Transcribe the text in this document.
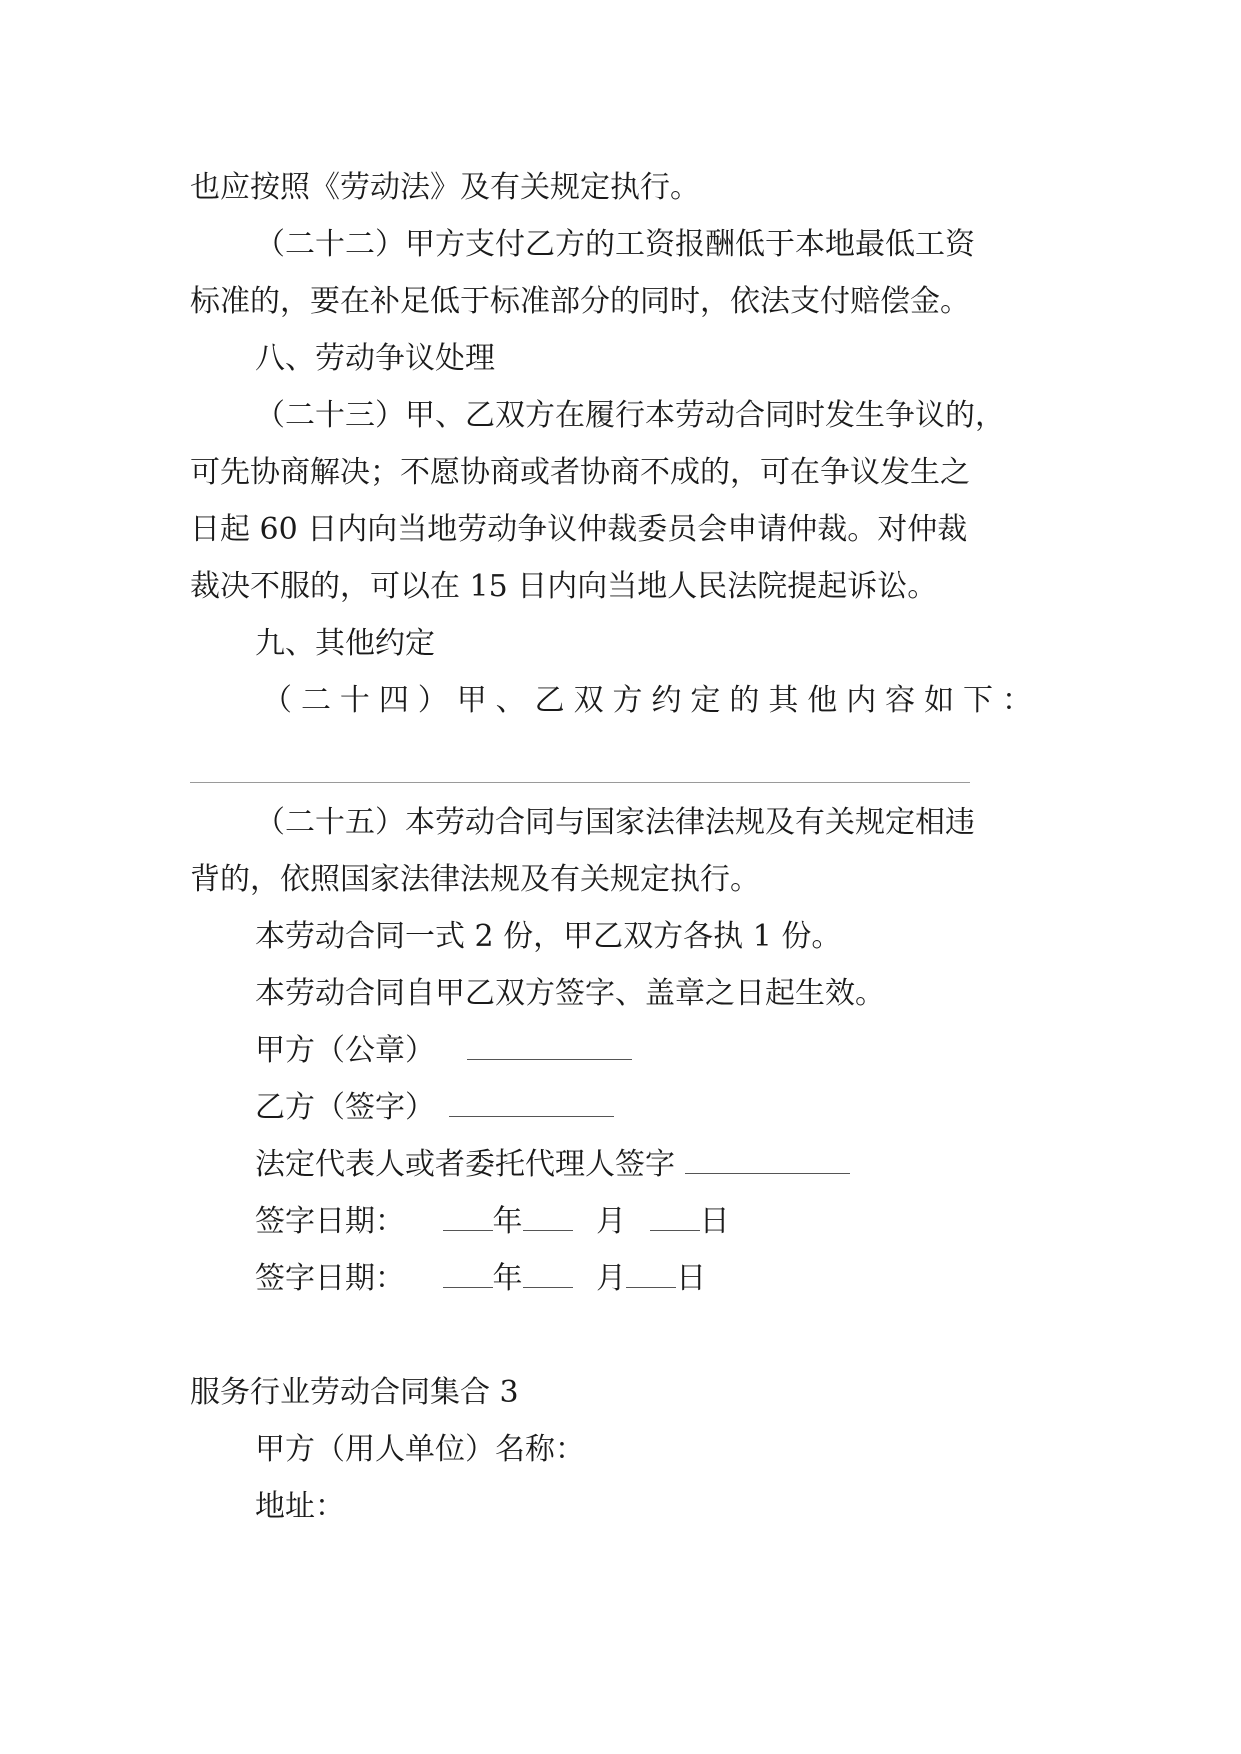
也应按照《劳动法》及有关规定执行。
（二十二）甲方支付乙方的工资报酬低于本地最低工资
标准的，要在补足低于标准部分的同时，依法支付赔偿金。
八、劳动争议处理
（二十三）甲、乙双方在履行本劳动合同时发生争议的，
可先协商解决；不愿协商或者协商不成的，可在争议发生之
日起 60 日内向当地劳动争议仲裁委员会申请仲裁。对仲裁
裁决不服的，可以在 15 日内向当地人民法院提起诉讼。
九、其他约定
（二十四）甲、乙双方约定的其他内容如下：
（二十五）本劳动合同与国家法律法规及有关规定相违
背的，依照国家法律法规及有关规定执行。
本劳动合同一式 2 份，甲乙双方各执 1 份。
本劳动合同自甲乙双方签字、盖章之日起生效。
甲方（公章）
乙方（签字）
法定代表人或者委托代理人签字
签字日期：	年 月 日
签字日期：	年 月 日
服务行业劳动合同集合 3
甲方（用人单位）名称：
地址：
